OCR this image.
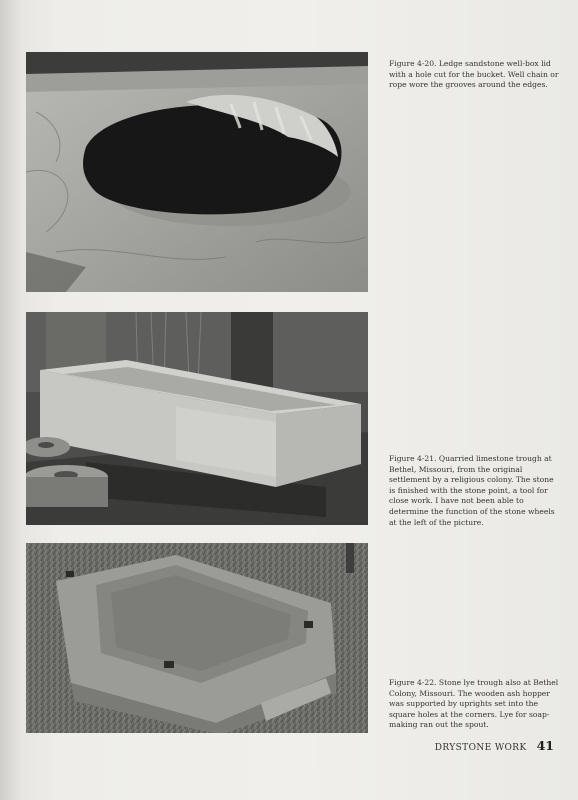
Figure 4-20. Ledge sandstone well-box lid with a hole cut for the bucket. Well chain or rope wore the grooves around the edges.
Figure 4-21. Quarried limestone trough at Bethel, Missouri, from the original settlement by a religious colony. The stone is finished with the stone point, a tool for close work. I have not been able to determine the function of the stone wheels at the left of the picture.
Figure 4-22. Stone lye trough also at Bethel Colony, Missouri. The wooden ash hopper was supported by uprights set into the square holes at the corners. Lye for soap-making ran out the spout.
DRYSTONE WORK 41
